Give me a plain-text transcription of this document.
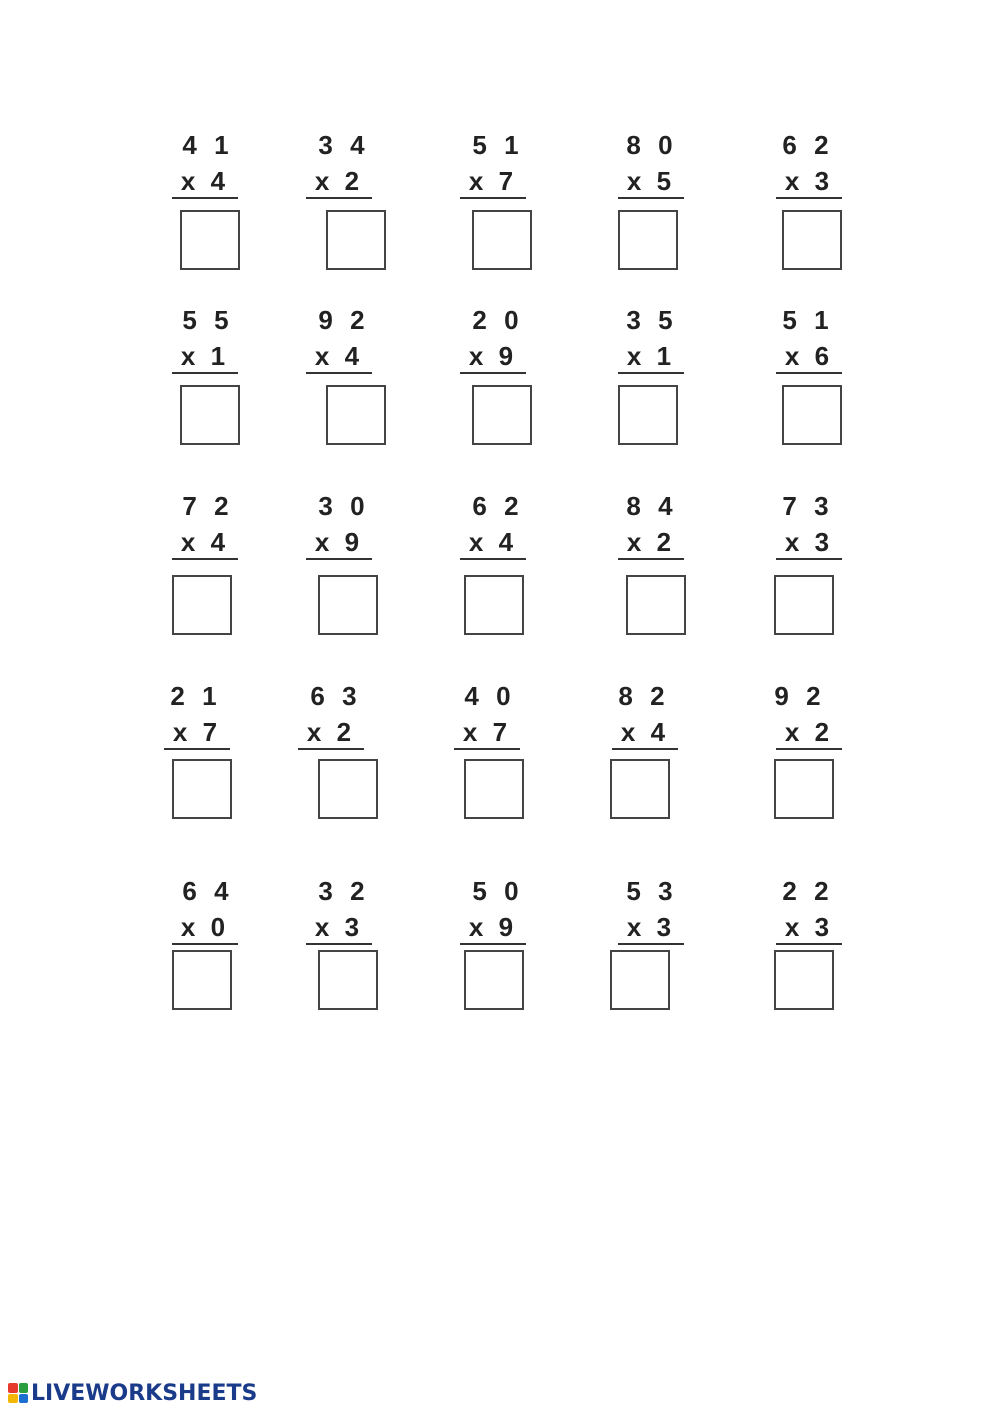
4 1
x 4
3 4
x 2
5 1
x 7
8 0
x 5
6 2
x 3
5 5
x 1
9 2
x 4
2 0
x 9
3 5
x 1
5 1
x 6
7 2
x 4
3 0
x 9
6 2
x 4
8 4
x 2
7 3
x 3
2 1
x 7
6 3
x 2
4 0
x 7
8 2
x 4
9 2
x 2
6 4
x 0
3 2
x 3
5 0
x 9
5 3
x 3
2 2
x 3
LIVEWORKSHEETS
